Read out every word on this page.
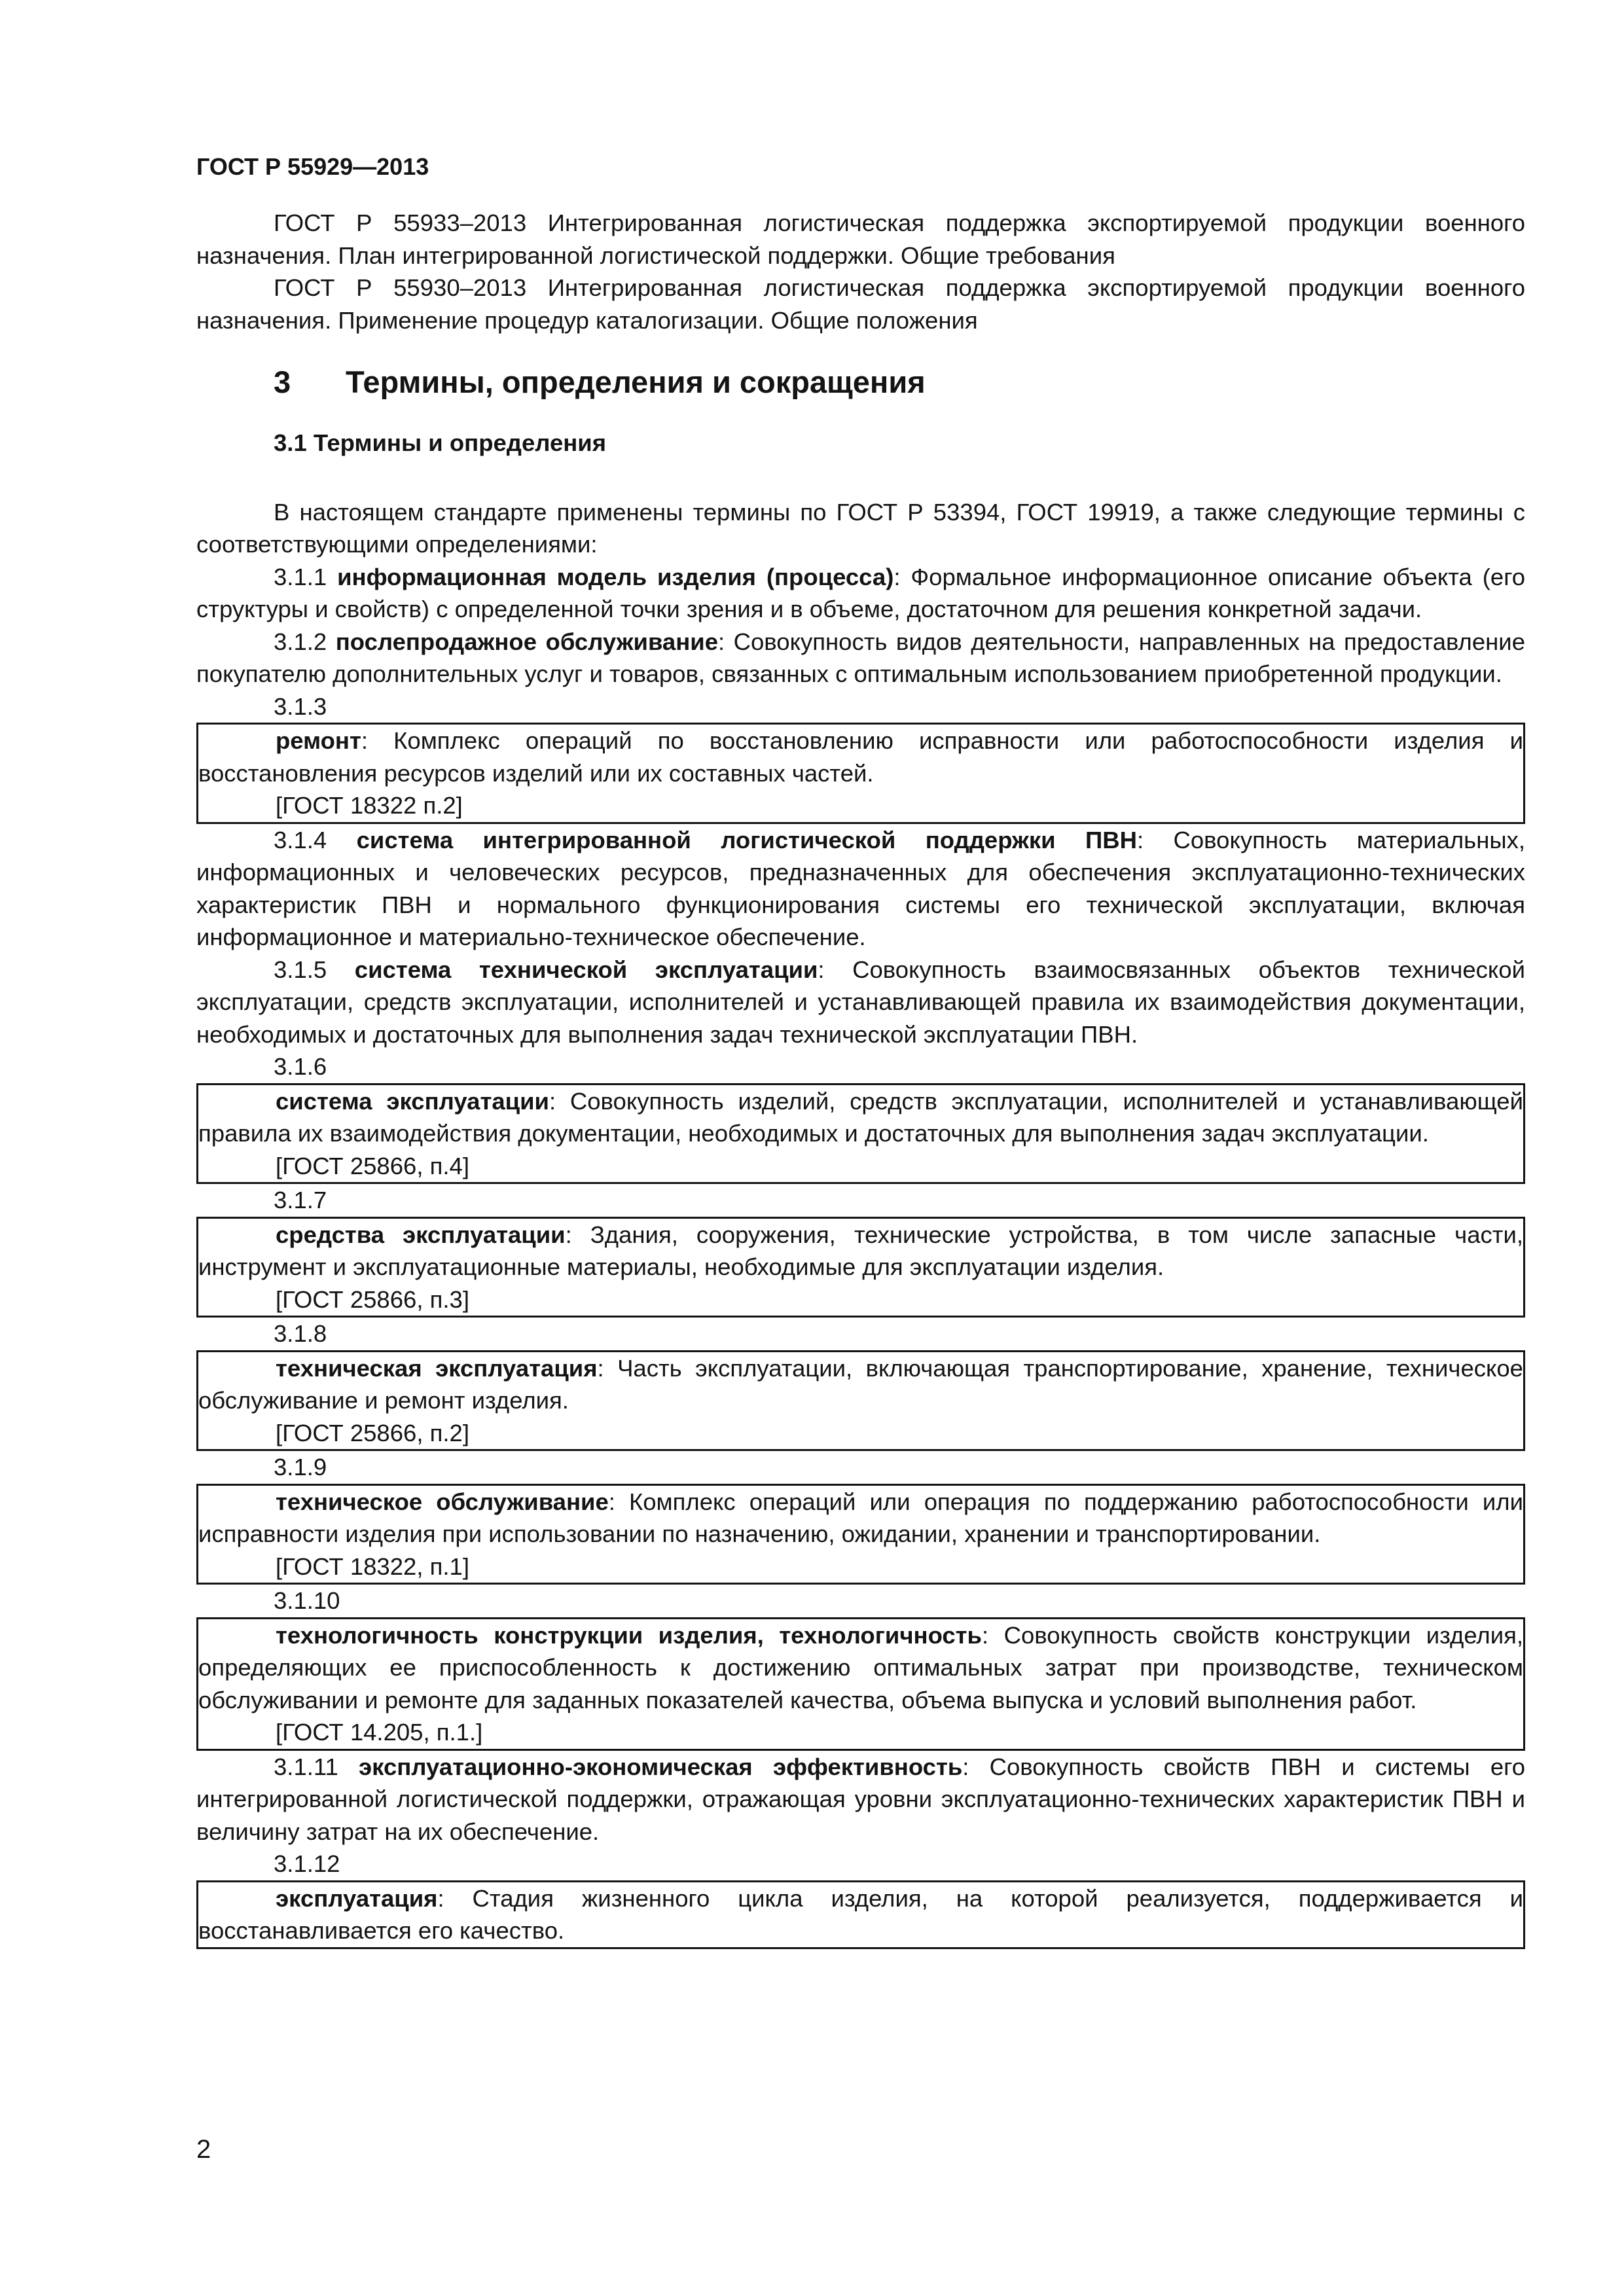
ГОСТ Р 55929—2013
ГОСТ Р 55933–2013 Интегрированная логистическая поддержка экспортируемой продукции военного назначения. План интегрированной логистической поддержки. Общие требования
ГОСТ Р 55930–2013 Интегрированная логистическая поддержка экспортируемой продукции военного назначения. Применение процедур каталогизации. Общие положения
3 Термины, определения и сокращения
3.1 Термины и определения
В настоящем стандарте применены термины по ГОСТ Р 53394, ГОСТ 19919, а также следующие термины с соответствующими определениями:
3.1.1 информационная модель изделия (процесса): Формальное информационное описание объекта (его структуры и свойств) с определенной точки зрения и в объеме, достаточном для решения конкретной задачи.
3.1.2 послепродажное обслуживание: Совокупность видов деятельности, направленных на предоставление покупателю дополнительных услуг и товаров, связанных с оптимальным использованием приобретенной продукции.
3.1.3
ремонт: Комплекс операций по восстановлению исправности или работоспособности изделия и восстановления ресурсов изделий или их составных частей.
[ГОСТ 18322 п.2]
3.1.4 система интегрированной логистической поддержки ПВН: Совокупность материальных, информационных и человеческих ресурсов, предназначенных для обеспечения эксплуатационно-технических характеристик ПВН и нормального функционирования системы его технической эксплуатации, включая информационное и материально-техническое обеспечение.
3.1.5 система технической эксплуатации: Совокупность взаимосвязанных объектов технической эксплуатации, средств эксплуатации, исполнителей и устанавливающей правила их взаимодействия документации, необходимых и достаточных для выполнения задач технической эксплуатации ПВН.
3.1.6
система эксплуатации: Совокупность изделий, средств эксплуатации, исполнителей и устанавливающей правила их взаимодействия документации, необходимых и достаточных для выполнения задач эксплуатации.
[ГОСТ 25866, п.4]
3.1.7
средства эксплуатации: Здания, сооружения, технические устройства, в том числе запасные части, инструмент и эксплуатационные материалы, необходимые для эксплуатации изделия.
[ГОСТ 25866, п.3]
3.1.8
техническая эксплуатация: Часть эксплуатации, включающая транспортирование, хранение, техническое обслуживание и ремонт изделия.
[ГОСТ 25866, п.2]
3.1.9
техническое обслуживание: Комплекс операций или операция по поддержанию работоспособности или исправности изделия при использовании по назначению, ожидании, хранении и транспортировании.
[ГОСТ 18322, п.1]
3.1.10
технологичность конструкции изделия, технологичность: Совокупность свойств конструкции изделия, определяющих ее приспособленность к достижению оптимальных затрат при производстве, техническом обслуживании и ремонте для заданных показателей качества, объема выпуска и условий выполнения работ.
[ГОСТ 14.205, п.1.]
3.1.11 эксплуатационно-экономическая эффективность: Совокупность свойств ПВН и системы его интегрированной логистической поддержки, отражающая уровни эксплуатационно-технических характеристик ПВН и величину затрат на их обеспечение.
3.1.12
эксплуатация: Стадия жизненного цикла изделия, на которой реализуется, поддерживается и восстанавливается его качество.
2
